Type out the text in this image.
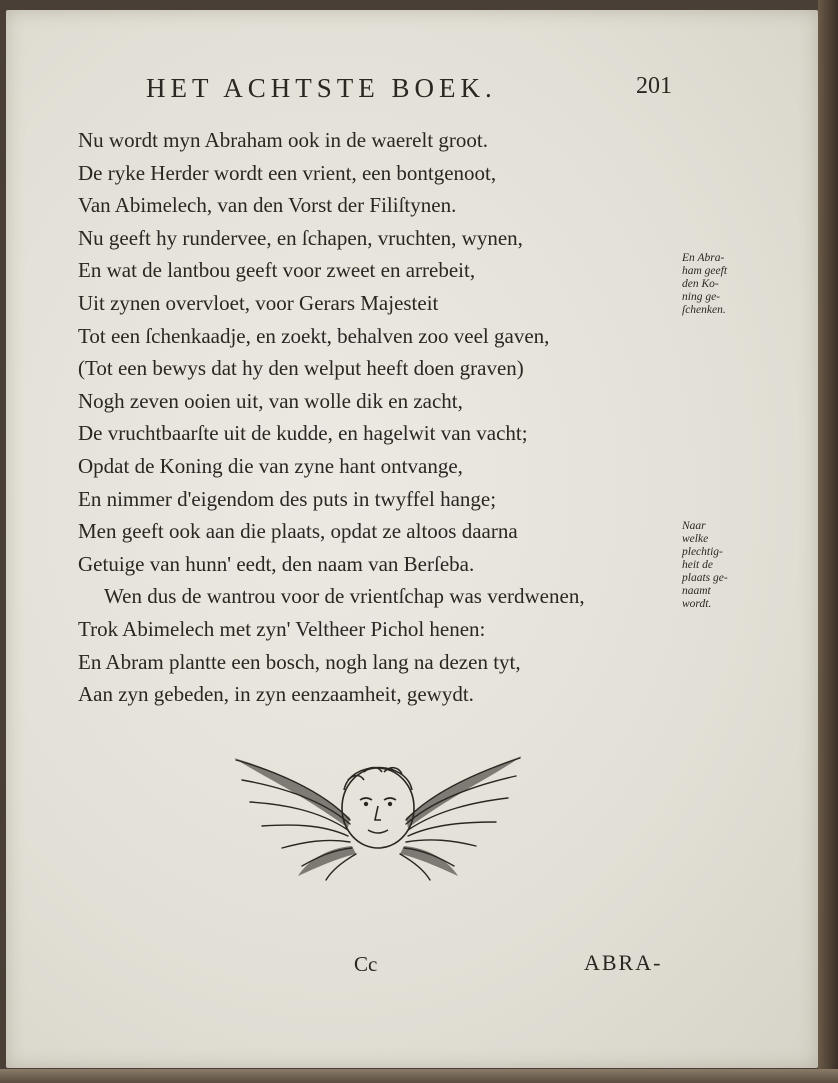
HET ACHTSTE BOEK.	201
Nu wordt myn Abraham ook in de waerelt groot.
De ryke Herder wordt een vrient, een bontgenoot,
Van Abimelech, van den Vorst der Filiſtynen.
Nu geeft hy rundervee, en ſchapen, vruchten, wynen,
En wat de lantbou geeft voor zweet en arrebeit,
Uit zynen overvloet, voor Gerars Majesteit
Tot een ſchenkaadje, en zoekt, behalven zoo veel gaven,
(Tot een bewys dat hy den welput heeft doen graven)
Nogh zeven ooien uit, van wolle dik en zacht,
De vruchtbaarſte uit de kudde, en hagelwit van vacht;
Opdat de Koning die van zyne hant ontvange,
En nimmer d'eigendom des puts in twyffel hange;
Men geeft ook aan die plaats, opdat ze altoos daarna
Getuige van hunn' eedt, den naam van Berſeba.
Wen dus de wantrou voor de vrientſchap was verdwenen,
Trok Abimelech met zyn' Veltheer Pichol henen:
En Abram plantte een bosch, nogh lang na dezen tyt,
Aan zyn gebeden, in zyn eenzaamheit, gewydt.
En Abra-
ham geeft
den Ko-
ning ge-
ſchenken.
Naar
welke
plechtig-
heit de
plaats ge-
naamt
wordt.
Cc	ABRA-
